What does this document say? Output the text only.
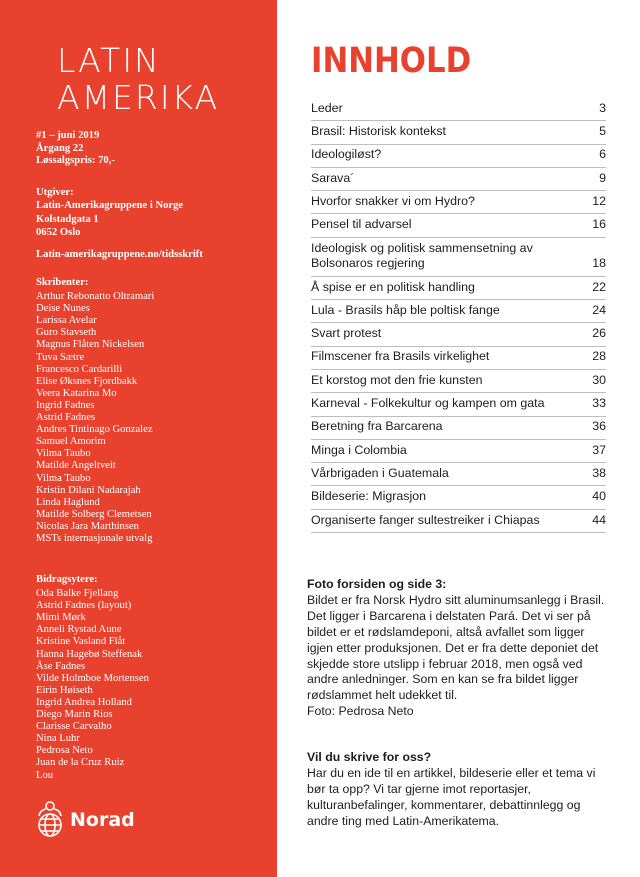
LATIN
AMERIKA

#1 – juni 2019

Årgang 22

Løssalgspris: 70,-

Utgiver:

Latin-Amerikagruppene i Norge

Kolstadgata 1

0652 Oslo

Latin-amerikagruppene.no/tidsskrift

Skribenter:

Arthur Rebonatto Oltramari
Deise Nunes
Larissa Avelar
Guro Stavseth
Magnus Flåten Nickelsen
Tuva Sætre
Francesco Cardarilli
Elise Øksnes Fjordbakk
Veera Katarina Mo
Ingrid Fadnes
Astrid Fadnes
Andres Tintinago Gonzalez
Samuel Amorim
Vilma Taubo
Matilde Angeltveit
Vilma Taubo
Kristin Dilani Nadarajah
Linda Haglund
Matilde Solberg Clemetsen
Nicolas Jara Marthinsen
MSTs internasjonale utvalg

Bidragsytere:

Oda Balke Fjellang
Astrid Fadnes (layout)
Mimi Mørk
Anneli Rystad Aune
Kristine Vasland Flåt
Hanna Hagebø Steffenak
Åse Fadnes
Vilde Holmboe Mortensen
Eirin Høiseth
Ingrid Andrea Holland
Diego Marin Rios
Clarisse Carvalho
Nina Luhr
Pedrosa Neto
Juan de la Cruz Ruiz
Lou
Norad
INNHOLD
Leder	3
Brasil: Historisk kontekst	5
Ideologiløst?	6
Sarava´	9
Hvorfor snakker vi om Hydro?	12
Pensel til advarsel	16
Ideologisk og politisk sammensetning av Bolsonaros regjering	18
Å spise er en politisk handling	22
Lula - Brasils håp ble poltisk fange	24
Svart protest	26
Filmscener fra Brasils virkelighet	28
Et korstog mot den frie kunsten	30
Karneval - Folkekultur og kampen om gata	33
Beretning fra Barcarena	36
Minga i Colombia	37
Vårbrigaden i Guatemala	38
Bildeserie: Migrasjon	40
Organiserte fanger sultestreiker i Chiapas	44
Foto forsiden og side 3:

Bildet er fra Norsk Hydro sitt aluminumsanlegg i Brasil. Det ligger i Barcarena i delstaten Pará. Det vi ser på bildet er et rødslamdeponi, altså avfallet som ligger igjen etter produksjonen. Det er fra dette deponiet det skjedde store utslipp i februar 2018, men også ved andre anledninger. Som en kan se fra bildet ligger rødslammet helt udekket til.

Foto: Pedrosa Neto

Vil du skrive for oss?

Har du en ide til en artikkel, bildeserie eller et tema vi bør ta opp? Vi tar gjerne imot reportasjer, kulturanbefalinger, kommentarer, debattinnlegg og andre ting med Latin-Amerikatema.
